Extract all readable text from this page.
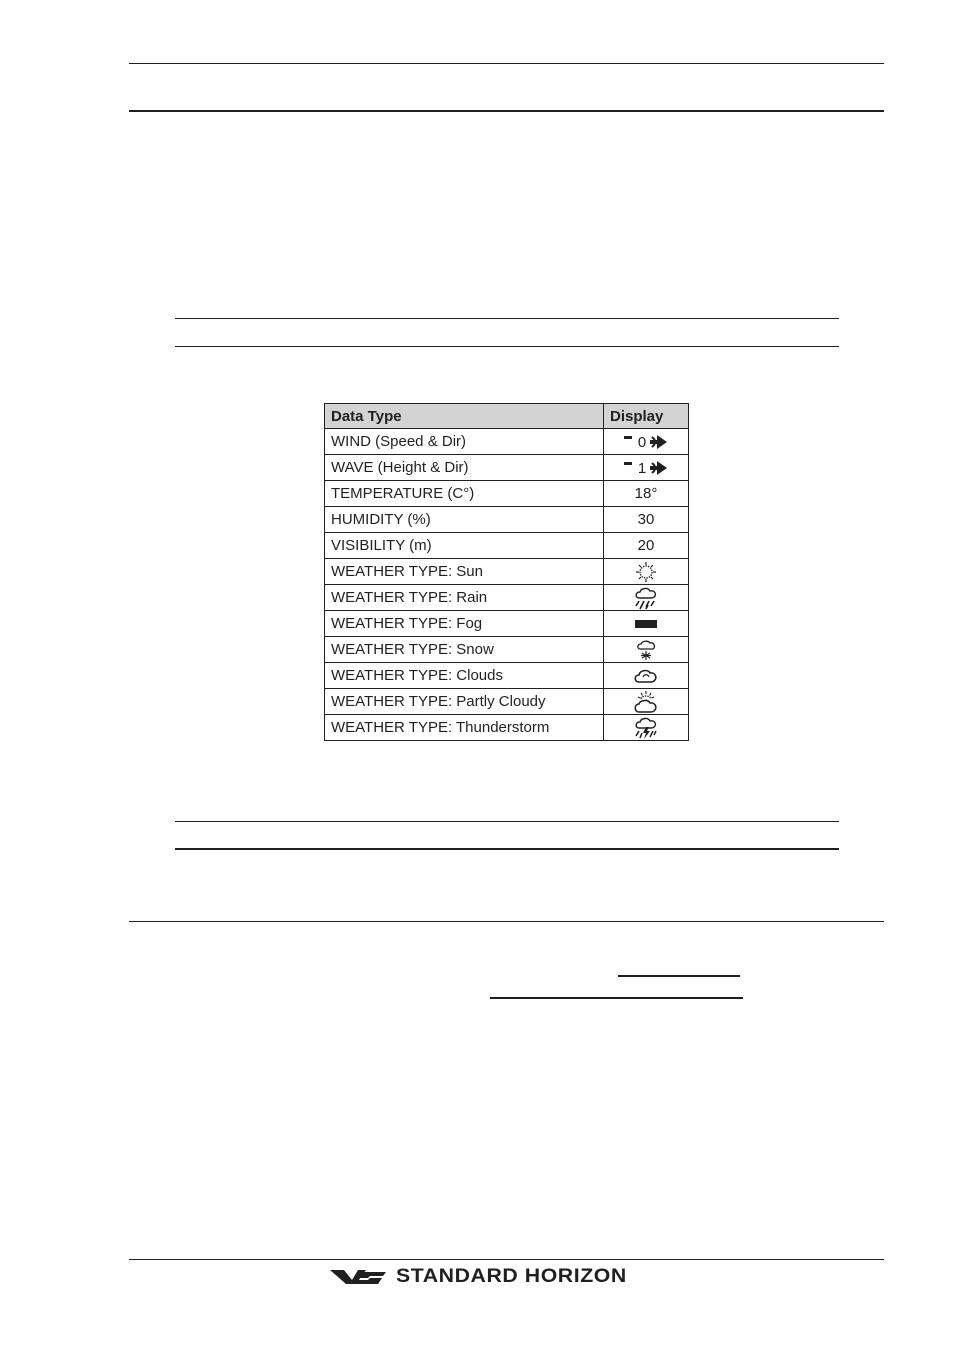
Data Type	Display
WIND (Speed & Dir)	0

WAVE (Height & Dir)	1

TEMPERATURE (C°)	18°
HUMIDITY (%)	30
VISIBILITY (m)	20
WEATHER TYPE: Sun	

WEATHER TYPE: Rain	

WEATHER TYPE: Fog	

WEATHER TYPE: Snow	

WEATHER TYPE: Clouds	

WEATHER TYPE: Partly Cloudy	

WEATHER TYPE: Thunderstorm	
STANDARD HORIZON
